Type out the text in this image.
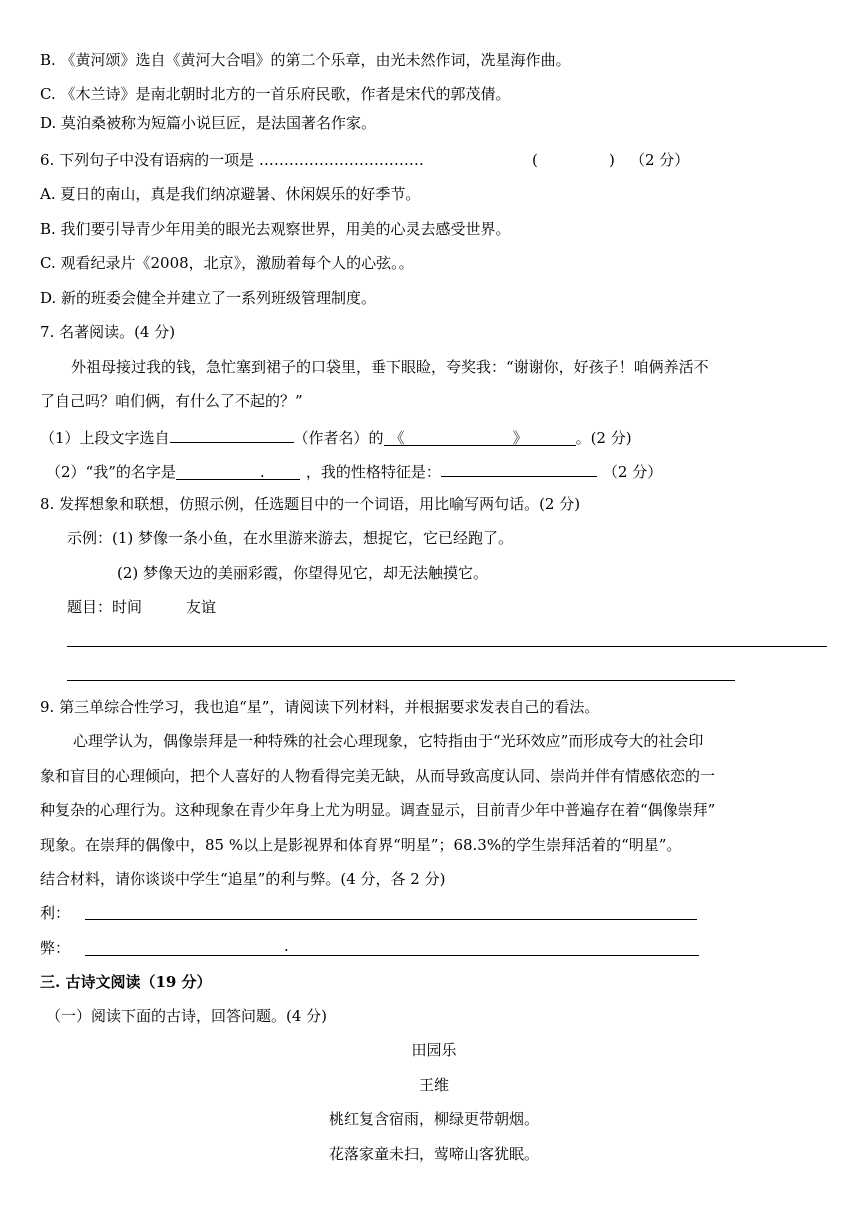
B. 《黄河颂》选自《黄河大合唱》的第二个乐章，由光未然作词，冼星海作曲。
C. 《木兰诗》是南北朝时北方的一首乐府民歌，作者是宋代的郭茂倩。
D. 莫泊桑被称为短篇小说巨匠，是法国著名作家。
6. 下列句子中没有语病的一项是 ……………………………	(	) （2 分）
A. 夏日的南山，真是我们纳凉避暑、休闲娱乐的好季节。
B. 我们要引导青少年用美的眼光去观察世界，用美的心灵去感受世界。
C. 观看纪录片《2008，北京》，激励着每个人的心弦。。
D. 新的班委会健全并建立了一系列班级管理制度。
7. 名著阅读。(4 分)
外祖母接过我的钱，急忙塞到裙子的口袋里，垂下眼睑，夸奖我：“谢谢你，好孩子！咱俩养活不
了自己吗？咱们俩，有什么了不起的？”
（1）上段文字选自	（作者名）的 《	》	。(2 分)
（2）“我”的名字是	.	，我的性格特征是：	（2 分）
8. 发挥想象和联想，仿照示例，任选题目中的一个词语，用比喻写两句话。(2 分)
示例：(1) 梦像一条小鱼，在水里游来游去，想捉它，它已经跑了。
(2) 梦像天边的美丽彩霞，你望得见它，却无法触摸它。
题目：时间	友谊
9. 第三单综合性学习，我也追“星”，请阅读下列材料，并根据要求发表自己的看法。
心理学认为，偶像崇拜是一种特殊的社会心理现象，它特指由于“光环效应”而形成夸大的社会印
象和盲目的心理倾向，把个人喜好的人物看得完美无缺，从而导致高度认同、崇尚并伴有情感依恋的一
种复杂的心理行为。这种现象在青少年身上尤为明显。调查显示，目前青少年中普遍存在着“偶像崇拜”
现象。在崇拜的偶像中，85 %以上是影视界和体育界“明星”；68.3%的学生崇拜活着的“明星”。
结合材料，请你谈谈中学生“追星”的利与弊。(4 分，各 2 分)
利：
弊：	.
三. 古诗文阅读（19 分）
（一）阅读下面的古诗，回答问题。(4 分)
田园乐
王维
桃红复含宿雨，柳绿更带朝烟。
花落家童未扫，莺啼山客犹眠。
